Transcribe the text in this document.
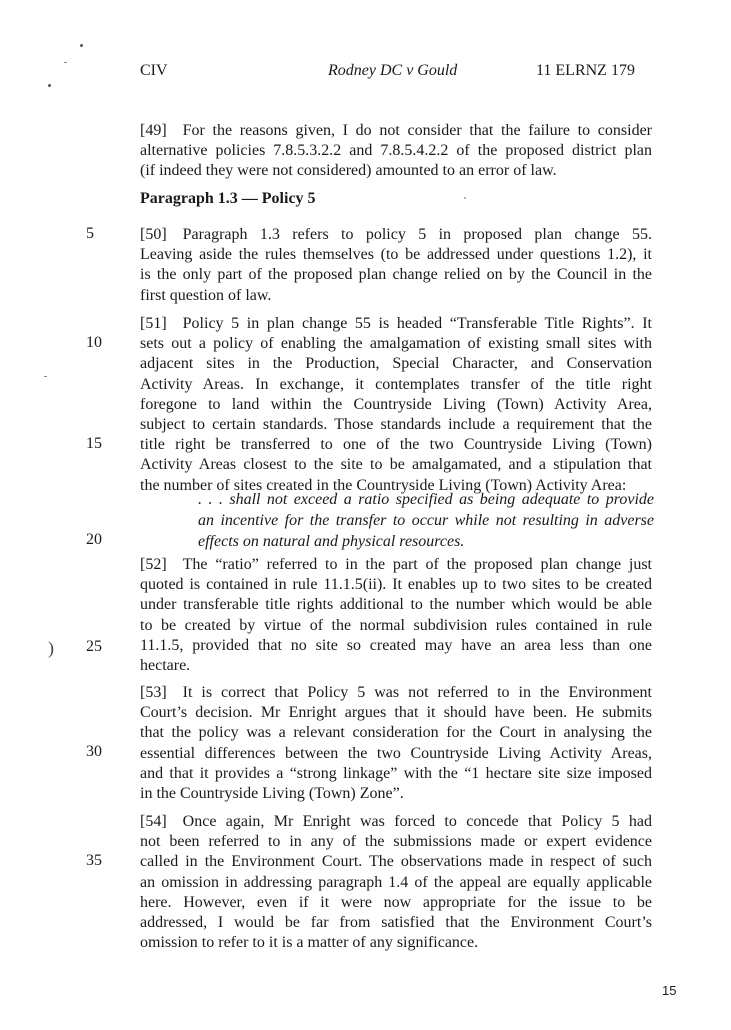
CIV	Rodney DC v Gould	11 ELRNZ 179
[49] For the reasons given, I do not consider that the failure to consider
alternative policies 7.8.5.3.2.2 and 7.8.5.4.2.2 of the proposed district plan
(if indeed they were not considered) amounted to an error of law.
Paragraph 1.3 — Policy 5
[50] Paragraph 1.3 refers to policy 5 in proposed plan change 55.
Leaving aside the rules themselves (to be addressed under questions 1.2), it
is the only part of the proposed plan change relied on by the Council in the
first question of law.
[51] Policy 5 in plan change 55 is headed “Transferable Title Rights”. It
sets out a policy of enabling the amalgamation of existing small sites with
adjacent sites in the Production, Special Character, and Conservation
Activity Areas. In exchange, it contemplates transfer of the title right
foregone to land within the Countryside Living (Town) Activity Area,
subject to certain standards. Those standards include a requirement that the
title right be transferred to one of the two Countryside Living (Town)
Activity Areas closest to the site to be amalgamated, and a stipulation that
the number of sites created in the Countryside Living (Town) Activity Area:
. . . shall not exceed a ratio specified as being adequate to provide
an incentive for the transfer to occur while not resulting in adverse
effects on natural and physical resources.
[52] The “ratio” referred to in the part of the proposed plan change just
quoted is contained in rule 11.1.5(ii). It enables up to two sites to be created
under transferable title rights additional to the number which would be able
to be created by virtue of the normal subdivision rules contained in rule
11.1.5, provided that no site so created may have an area less than one
hectare.
[53] It is correct that Policy 5 was not referred to in the Environment
Court’s decision. Mr Enright argues that it should have been. He submits
that the policy was a relevant consideration for the Court in analysing the
essential differences between the two Countryside Living Activity Areas,
and that it provides a “strong linkage” with the “1 hectare site size imposed
in the Countryside Living (Town) Zone”.
[54] Once again, Mr Enright was forced to concede that Policy 5 had
not been referred to in any of the submissions made or expert evidence
called in the Environment Court. The observations made in respect of such
an omission in addressing paragraph 1.4 of the appeal are equally applicable
here. However, even if it were now appropriate for the issue to be
addressed, I would be far from satisfied that the Environment Court’s
omission to refer to it is a matter of any significance.
5
10
15
20
25
30
35
)
15
